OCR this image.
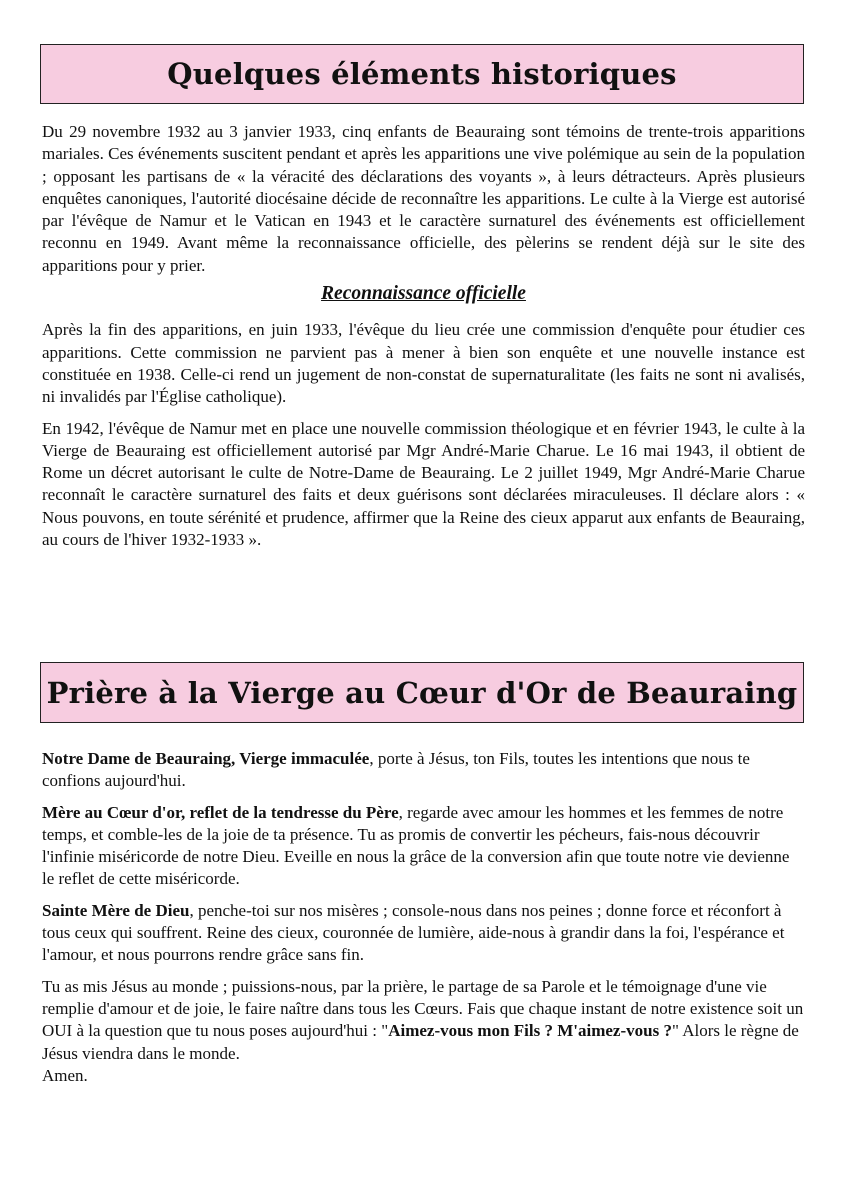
Quelques éléments historiques

Du 29 novembre 1932 au 3 janvier 1933, cinq enfants de Beauraing sont témoins de trente-trois apparitions mariales. Ces événements suscitent pendant et après les apparitions une vive polémique au sein de la population ; opposant les partisans de « la véracité des déclarations des voyants », à leurs détracteurs. Après plusieurs enquêtes canoniques, l'autorité diocésaine décide de reconnaître les apparitions. Le culte à la Vierge est autorisé par l'évêque de Namur et le Vatican en 1943 et le caractère surnaturel des événements est officiellement reconnu en 1949. Avant même la reconnaissance officielle, des pèlerins se rendent déjà sur le site des apparitions pour y prier.

Reconnaissance officielle

Après la fin des apparitions, en juin 1933, l'évêque du lieu crée une commission d'enquête pour étudier ces apparitions. Cette commission ne parvient pas à mener à bien son enquête et une nouvelle instance est constituée en 1938. Celle-ci rend un jugement de non-constat de supernaturalitate (les faits ne sont ni avalisés, ni invalidés par l'Église catholique).

En 1942, l'évêque de Namur met en place une nouvelle commission théologique et en février 1943, le culte à la Vierge de Beauraing est officiellement autorisé par Mgr André-Marie Charue. Le 16 mai 1943, il obtient de Rome un décret autorisant le culte de Notre-Dame de Beauraing. Le 2 juillet 1949, Mgr André-Marie Charue reconnaît le caractère surnaturel des faits et deux guérisons sont déclarées miraculeuses. Il déclare alors : « Nous pouvons, en toute sérénité et prudence, affirmer que la Reine des cieux apparut aux enfants de Beauraing, au cours de l'hiver 1932-1933 ».

Prière à la Vierge au Cœur d'Or de Beauraing

Notre Dame de Beauraing, Vierge immaculée, porte à Jésus, ton Fils, toutes les intentions que nous te confions aujourd'hui.

Mère au Cœur d'or, reflet de la tendresse du Père, regarde avec amour les hommes et les femmes de notre temps, et comble-les de la joie de ta présence. Tu as promis de convertir les pécheurs, fais-nous découvrir l'infinie miséricorde de notre Dieu. Eveille en nous la grâce de la conversion afin que toute notre vie devienne le reflet de cette miséricorde.

Sainte Mère de Dieu, penche-toi sur nos misères ; console-nous dans nos peines ; donne force et réconfort à tous ceux qui souffrent. Reine des cieux, couronnée de lumière, aide-nous à grandir dans la foi, l'espérance et l'amour, et nous pourrons rendre grâce sans fin.

Tu as mis Jésus au monde ; puissions-nous, par la prière, le partage de sa Parole et le témoignage d'une vie remplie d'amour et de joie, le faire naître dans tous les Cœurs. Fais que chaque instant de notre existence soit un OUI à la question que tu nous poses aujourd'hui : "Aimez-vous mon Fils ? M'aimez-vous ?" Alors le règne de Jésus viendra dans le monde.
Amen.
